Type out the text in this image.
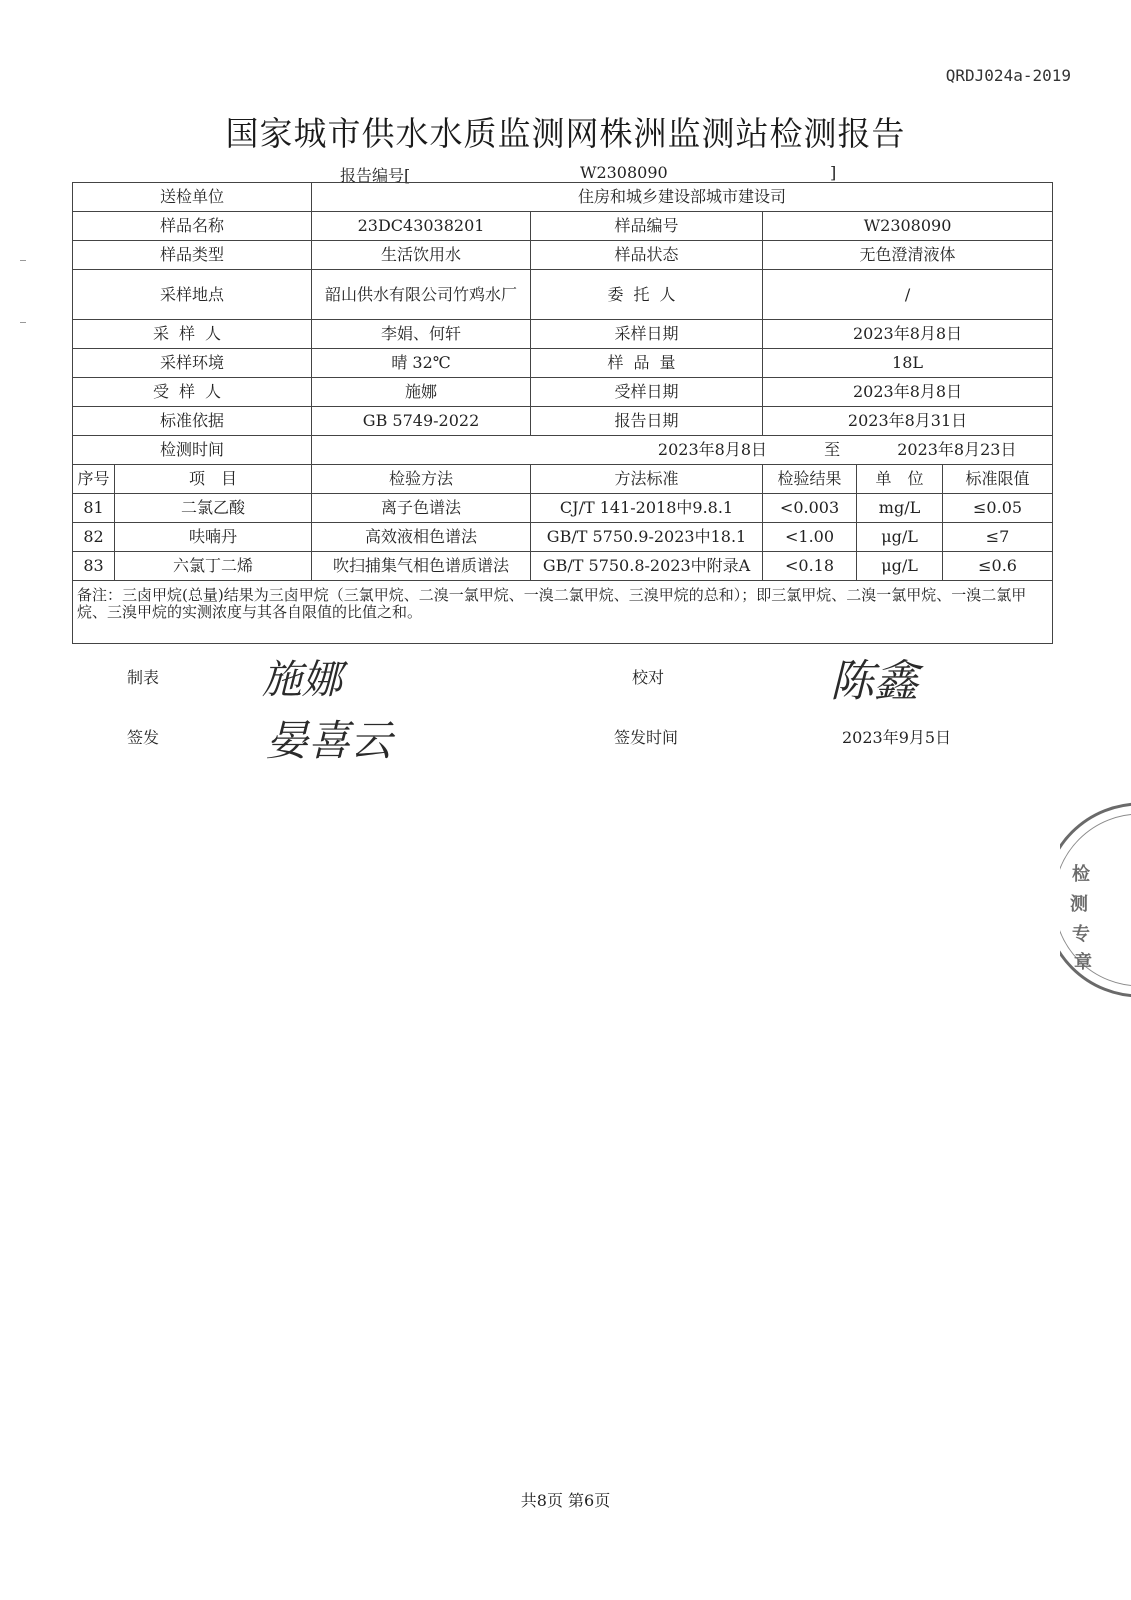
QRDJ024a-2019
国家城市供水水质监测网株洲监测站检测报告
报告编号[	W2308090	]
送检单位		住房和城乡建设部城市建设司				
样品名称		23DC43038201	样品编号	W2308090		
样品类型		生活饮用水	样品状态	无色澄清液体		
采样地点		韶山供水有限公司竹鸡水厂	委托人	/		
采样人		李娟、何轩	采样日期	2023年8月8日		
采样环境		晴 32℃	样品量	18L		
受样人		施娜	受样日期	2023年8月8日		
标准依据		GB 5749-2022	报告日期	2023年8月31日		
检测时间		2023年8月8日 至 2023年8月23日				
序号	项　目	检验方法	方法标准	检验结果	单　位	标准限值
81	二氯乙酸	离子色谱法	CJ/T 141-2018中9.8.1	<0.003	mg/L	≤0.05
82	呋喃丹	高效液相色谱法	GB/T 5750.9-2023中18.1	<1.00	μg/L	≤7
83	六氯丁二烯	吹扫捕集气相色谱质谱法	GB/T 5750.8-2023中附录A	<0.18	μg/L	≤0.6
备注：三卤甲烷(总量)结果为三卤甲烷（三氯甲烷、二溴一氯甲烷、一溴二氯甲烷、三溴甲烷的总和）；即三氯甲烷、二溴一氯甲烷、一溴二氯甲烷、三溴甲烷的实测浓度与其各自限值的比值之和。						
制表	施娜	校对	陈鑫
签发	晏喜云	签发时间	2023年9月5日
检
测
专
章
共8页 第6页
